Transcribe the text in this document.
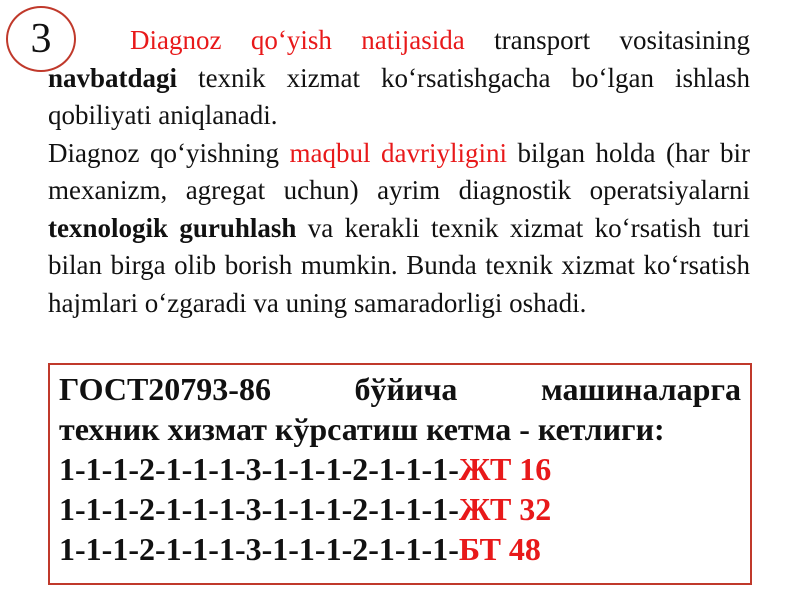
3	Diagnoz qo‘yish natijasida transport vositasining navbatdagi texnik xizmat ko‘rsatishgacha bo‘lgan ishlash qobiliyati aniqlanadi.

Diagnoz qo‘yishning maqbul davriyligini bilgan holda (har bir mexanizm, agregat uchun) ayrim diagnostik operatsiyalarni texnologik guruhlash va kerakli texnik xizmat ko‘rsatish turi bilan birga olib borish mumkin. Bunda texnik xizmat ko‘rsatish hajmlari o‘zgaradi va uning samaradorligi oshadi.

ГОСТ20793-86	бўйича	машиналарга
техник хизмат кўрсатиш кетма - кетлиги:

1-1-1-2-1-1-1-3-1-1-1-2-1-1-1-ЖТ 16

1-1-1-2-1-1-1-3-1-1-1-2-1-1-1-ЖТ 32

1-1-1-2-1-1-1-3-1-1-1-2-1-1-1-БТ 48
